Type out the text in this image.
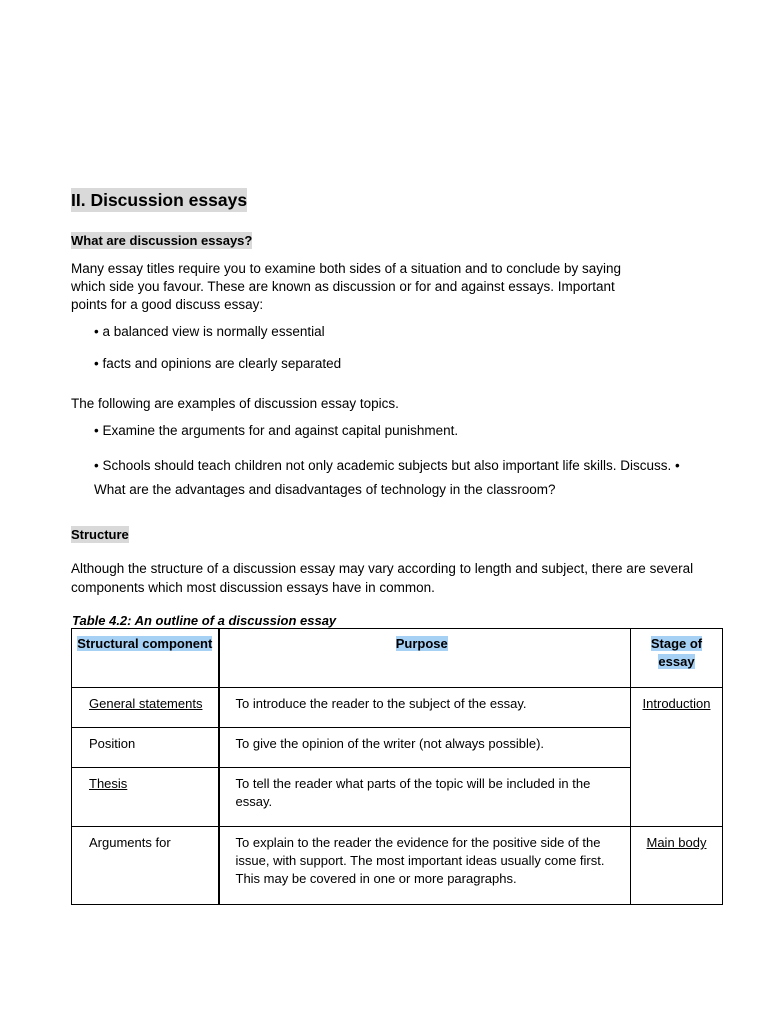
II. Discussion essays
What are discussion essays?
Many essay titles require you to examine both sides of a situation and to conclude by saying which side you favour. These are known as discussion or for and against essays. Important points for a good discuss essay:
• a balanced view is normally essential
• facts and opinions are clearly separated
The following are examples of discussion essay topics.
• Examine the arguments for and against capital punishment.
• Schools should teach children not only academic subjects but also important life skills. Discuss. • What are the advantages and disadvantages of technology in the classroom?
Structure
Although the structure of a discussion essay may vary according to length and subject, there are several components which most discussion essays have in common.
Table 4.2: An outline of a discussion essay
Structural component	Purpose	Stage of essay
General statements	To introduce the reader to the subject of the essay.	Introduction
Position	To give the opinion of the writer (not always possible).	
Thesis	To tell the reader what parts of the topic will be included in the essay.	
Arguments for	To explain to the reader the evidence for the positive side of the issue, with support. The most important ideas usually come first. This may be covered in one or more paragraphs.	Main body
